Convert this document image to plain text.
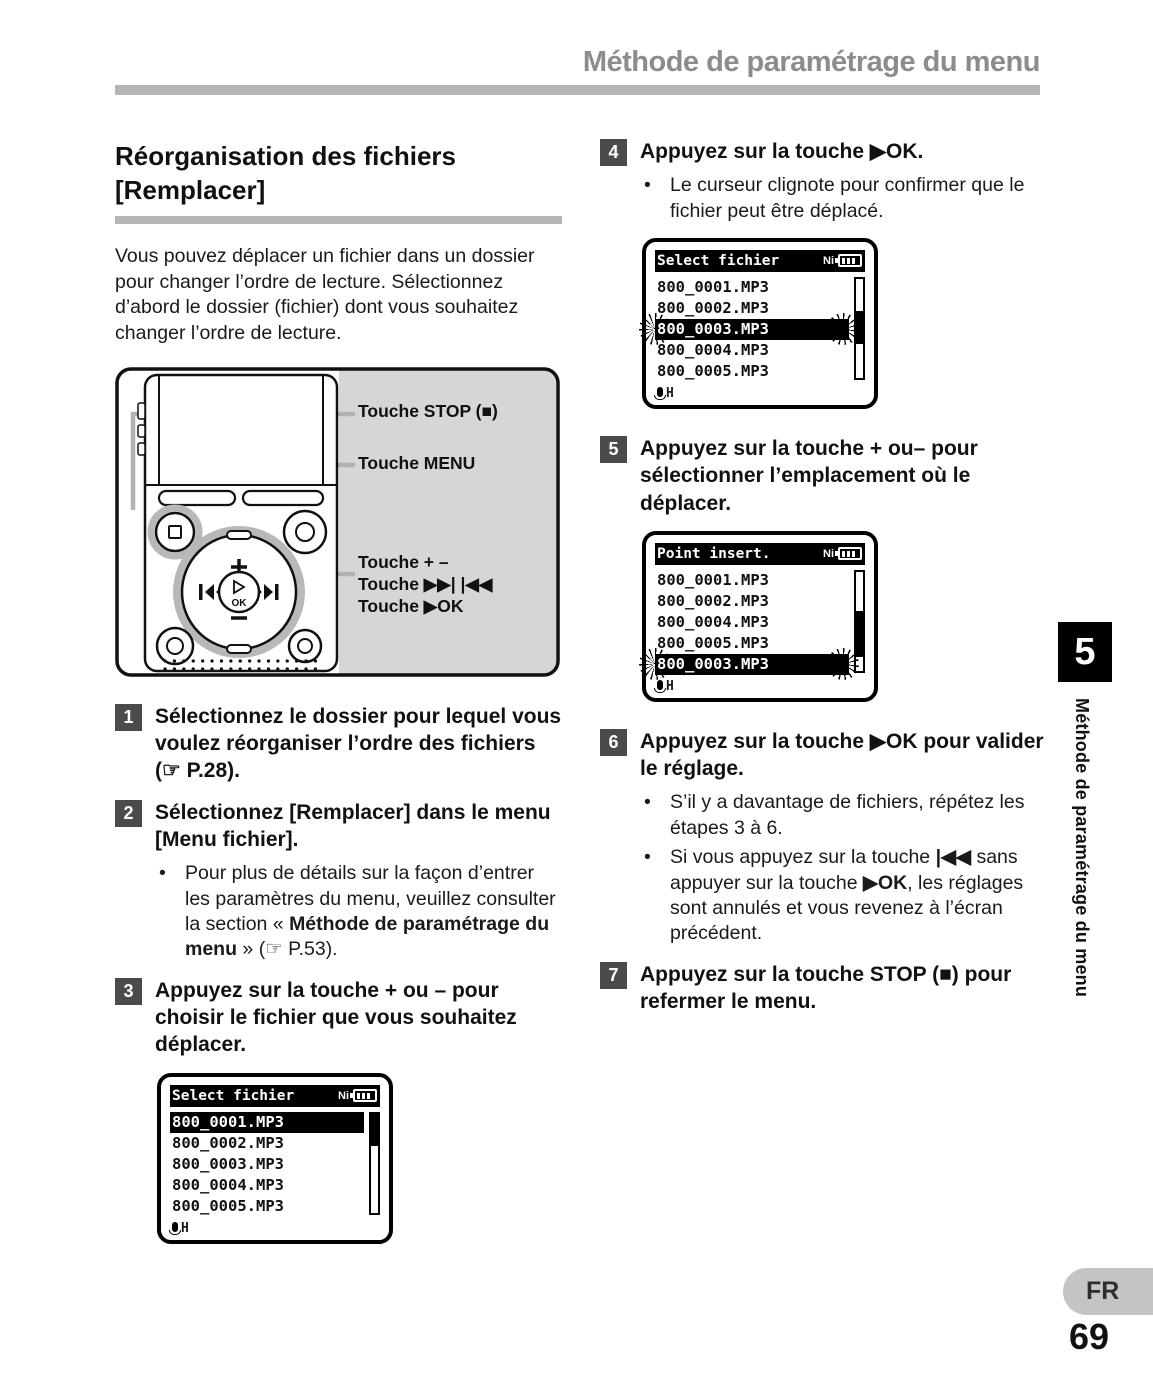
Méthode de paramétrage du menu
Réorganisation des fichiers
[Remplacer]

Vous pouvez déplacer un fichier dans un dossier pour changer l’ordre de lecture. Sélectionnez d’abord le dossier (fichier) dont vous souhaitez changer l’ordre de lecture.

OK
Touche STOP (■)
Touche MENU
Touche + –
Touche ▶▶| |◀◀
Touche ▶OK
1	Sélectionnez le dossier pour lequel vous voulez réorganiser l’ordre des fichiers (☞ P.28).
2	Sélectionnez [Remplacer] dans le menu [Menu fichier].
• Pour plus de détails sur la façon d’entrer les paramètres du menu, veuillez consulter la section « Méthode de paramétrage du menu » (☞ P.53).
3	Appuyez sur la touche + ou – pour choisir le fichier que vous souhaitez déplacer.
Select fichier	Ni
800_0001.MP3
800_0002.MP3
800_0003.MP3
800_0004.MP3
800_0005.MP3
H
4	Appuyez sur la touche ▶OK.
• Le curseur clignote pour confirmer que le fichier peut être déplacé.
Select fichier	Ni
800_0001.MP3
800_0002.MP3
800_0003.MP3
800_0004.MP3
800_0005.MP3
H
5	Appuyez sur la touche + ou– pour sélectionner l’emplacement où le déplacer.
Point insert.	Ni
800_0001.MP3
800_0002.MP3
800_0004.MP3
800_0005.MP3
800_0003.MP3
H
6	Appuyez sur la touche ▶OK pour valider le réglage.
• S’il y a davantage de fichiers, répétez les étapes 3 à 6.
• Si vous appuyez sur la touche |◀◀ sans appuyer sur la touche ▶OK, les réglages sont annulés et vous revenez à l’écran précédent.
7	Appuyez sur la touche STOP (■) pour refermer le menu.
5
Méthode de paramétrage du menu
FR
69
